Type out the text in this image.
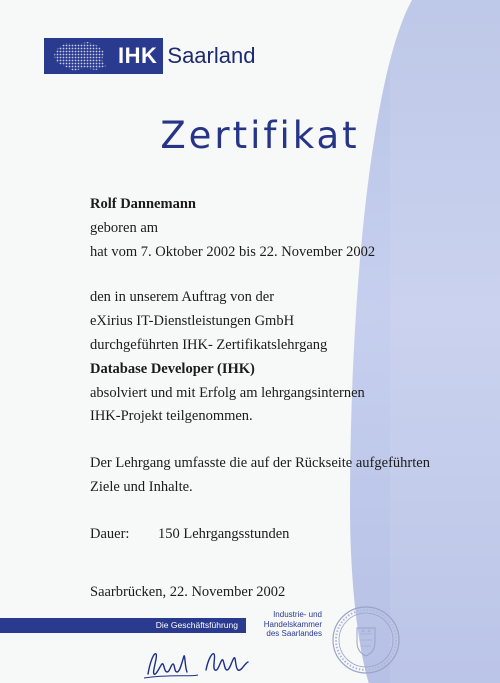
IHK Saarland
Zertifikat
Rolf Dannemann
geboren am
hat vom 7. Oktober 2002 bis 22. November 2002
den in unserem Auftrag von der
eXirius IT-Dienstleistungen GmbH
durchgeführten IHK- Zertifikatslehrgang
Database Developer (IHK)
absolviert und mit Erfolg am lehrgangsinternen
IHK-Projekt teilgenommen.
Der Lehrgang umfasste die auf der Rückseite aufgeführten
Ziele und Inhalte.
Dauer: 150 Lehrgangsstunden
Saarbrücken, 22. November 2002
Die Geschäftsführung
Industrie- und
Handelskammer
des Saarlandes
